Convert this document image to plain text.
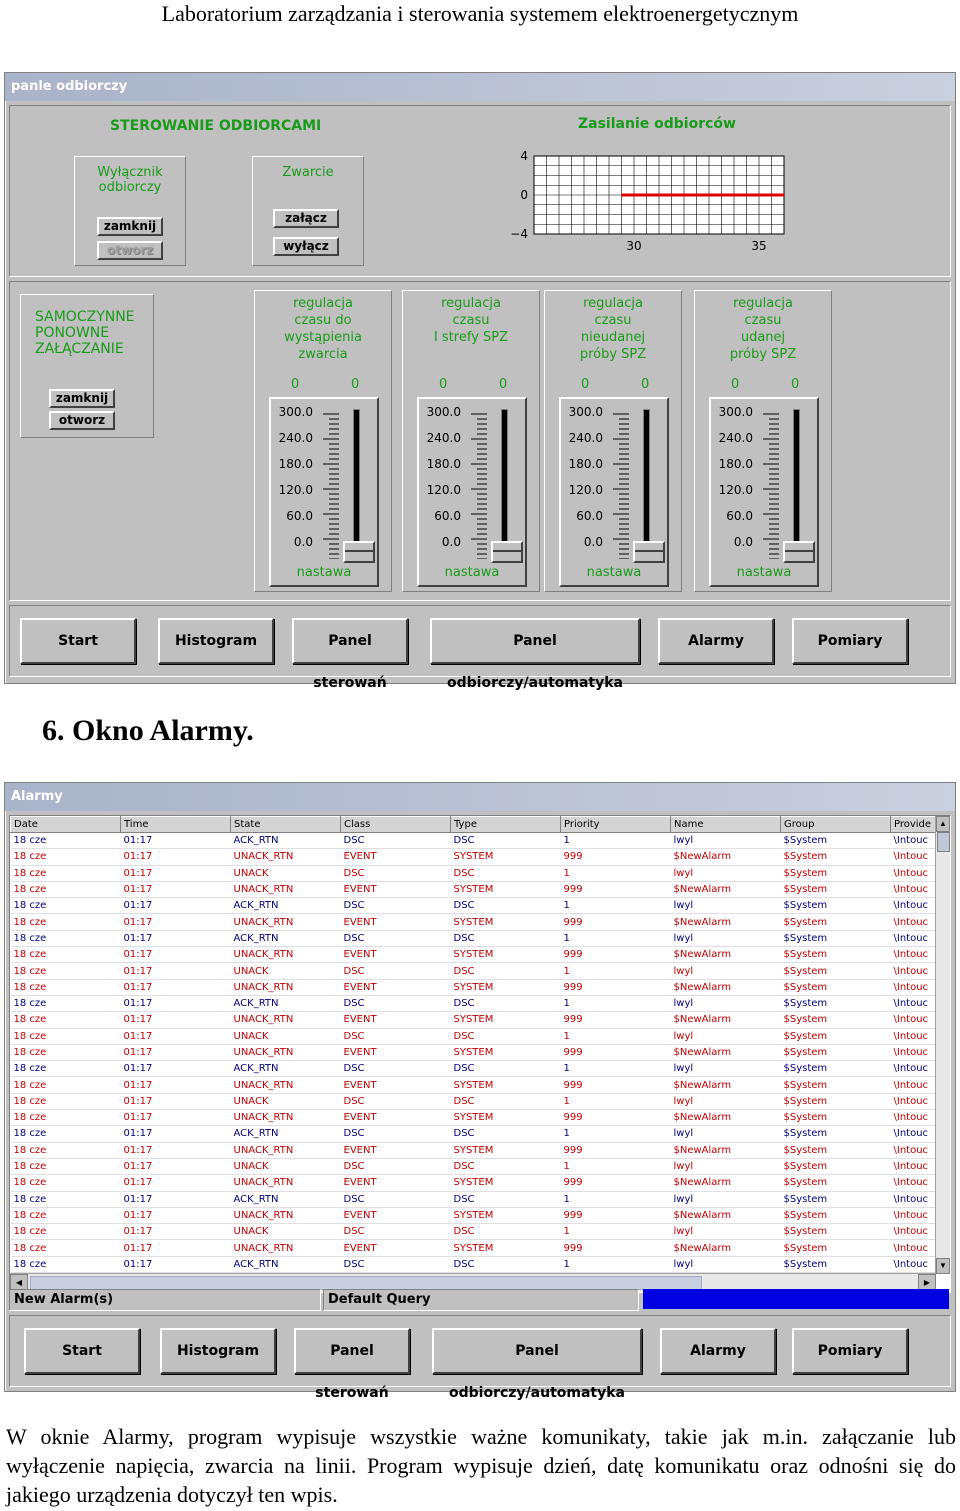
Laboratorium zarządzania i sterowania systemem elektroenergetycznym
panle odbiorczy
STEROWANIE ODBIORCAMI	Zasilanie odbiorców
Wyłącznik
odbiorczy
zamknij
otworz
Zwarcie
załącz
wyłącz
4
0
−4
30	35
SAMOCZYNNE
PONOWNE
ZAŁĄCZANIE
zamknij
otworz
regulacja
czasu do
wystąpienia
zwarcia
0	0
300.0
240.0
180.0
120.0
60.0
0.0
nastawa
regulacja
czasu
I strefy SPZ
0	0
300.0
240.0
180.0
120.0
60.0
0.0
nastawa
regulacja
czasu
nieudanej
próby SPZ
0	0
300.0
240.0
180.0
120.0
60.0
0.0
nastawa
regulacja
czasu
udanej
próby SPZ
0	0
300.0
240.0
180.0
120.0
60.0
0.0
nastawa
Start	Histogram	Panel sterowań
Panel odbiorczy/automatyka
Alarmy	Pomiary
6. Okno Alarmy.
Alarmy
Date	Time	State	Class	Type	Priority	Name	Group	Provide
18 cze	01:17	ACK_RTN	DSC	DSC	1	lwyl	$System	\Intouc
18 cze	01:17	UNACK_RTN	EVENT	SYSTEM	999	$NewAlarm	$System	\Intouc
18 cze	01:17	UNACK	DSC	DSC	1	lwyl	$System	\Intouc
18 cze	01:17	UNACK_RTN	EVENT	SYSTEM	999	$NewAlarm	$System	\Intouc
18 cze	01:17	ACK_RTN	DSC	DSC	1	lwyl	$System	\Intouc
18 cze	01:17	UNACK_RTN	EVENT	SYSTEM	999	$NewAlarm	$System	\Intouc
18 cze	01:17	ACK_RTN	DSC	DSC	1	lwyl	$System	\Intouc
18 cze	01:17	UNACK_RTN	EVENT	SYSTEM	999	$NewAlarm	$System	\Intouc
18 cze	01:17	UNACK	DSC	DSC	1	lwyl	$System	\Intouc
18 cze	01:17	UNACK_RTN	EVENT	SYSTEM	999	$NewAlarm	$System	\Intouc
18 cze	01:17	ACK_RTN	DSC	DSC	1	lwyl	$System	\Intouc
18 cze	01:17	UNACK_RTN	EVENT	SYSTEM	999	$NewAlarm	$System	\Intouc
18 cze	01:17	UNACK	DSC	DSC	1	lwyl	$System	\Intouc
18 cze	01:17	UNACK_RTN	EVENT	SYSTEM	999	$NewAlarm	$System	\Intouc
18 cze	01:17	ACK_RTN	DSC	DSC	1	lwyl	$System	\Intouc
18 cze	01:17	UNACK_RTN	EVENT	SYSTEM	999	$NewAlarm	$System	\Intouc
18 cze	01:17	UNACK	DSC	DSC	1	lwyl	$System	\Intouc
18 cze	01:17	UNACK_RTN	EVENT	SYSTEM	999	$NewAlarm	$System	\Intouc
18 cze	01:17	ACK_RTN	DSC	DSC	1	lwyl	$System	\Intouc
18 cze	01:17	UNACK_RTN	EVENT	SYSTEM	999	$NewAlarm	$System	\Intouc
18 cze	01:17	UNACK	DSC	DSC	1	lwyl	$System	\Intouc
18 cze	01:17	UNACK_RTN	EVENT	SYSTEM	999	$NewAlarm	$System	\Intouc
18 cze	01:17	ACK_RTN	DSC	DSC	1	lwyl	$System	\Intouc
18 cze	01:17	UNACK_RTN	EVENT	SYSTEM	999	$NewAlarm	$System	\Intouc
18 cze	01:17	UNACK	DSC	DSC	1	lwyl	$System	\Intouc
18 cze	01:17	UNACK_RTN	EVENT	SYSTEM	999	$NewAlarm	$System	\Intouc
18 cze	01:17	ACK_RTN	DSC	DSC	1	lwyl	$System	\Intouc

▲
▼
◀	▶
New Alarm(s)	Default Query
Start	Histogram	Panel sterowań
Panel odbiorczy/automatyka
Alarmy	Pomiary
W oknie Alarmy, program wypisuje wszystkie ważne komunikaty, takie jak m.in. załączanie lub wyłączenie napięcia, zwarcia na linii. Program wypisuje dzień, datę komunikatu oraz odnośni się do jakiego urządzenia dotyczył ten wpis.
